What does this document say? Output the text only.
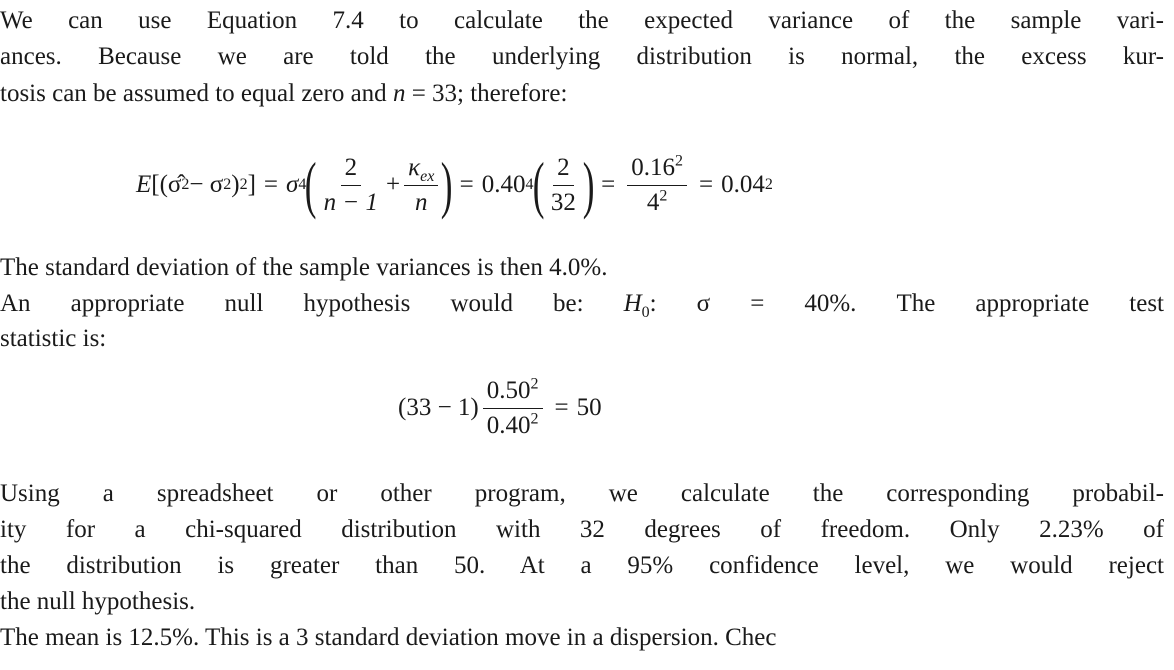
We can use Equation 7.4 to calculate the expected variance of the sample vari-
ances. Because we are told the underlying distribution is normal, the excess kur-
tosis can be assumed to equal zero and n = 33; therefore:
E [(σ̂ 2 − σ 2 ) 2 ] = σ 4
( $\frac{2}{n - 1} + \frac{\kappa_{ex}}{n}$ ) = 0.40 4
( $\frac{2}{32}$ ) = $\frac{0.16^2}{4^2} = 0.04$ 2
The standard deviation of the sample variances is then 4.0%.
An appropriate null hypothesis would be: $H_0$: σ = 40%. The appropriate test
statistic is:
$(33 - 1) \frac{0.50^2}{0.40^2} = 50$
Using a spreadsheet or other program, we calculate the corresponding probabil-
ity for a chi-squared distribution with 32 degrees of freedom. Only 2.23% of
the distribution is greater than 50. At a 95% confidence level, we would reject
the null hypothesis.
The mean is 12.5%. This is a 3 standard deviation move in a dispersion. Chec
